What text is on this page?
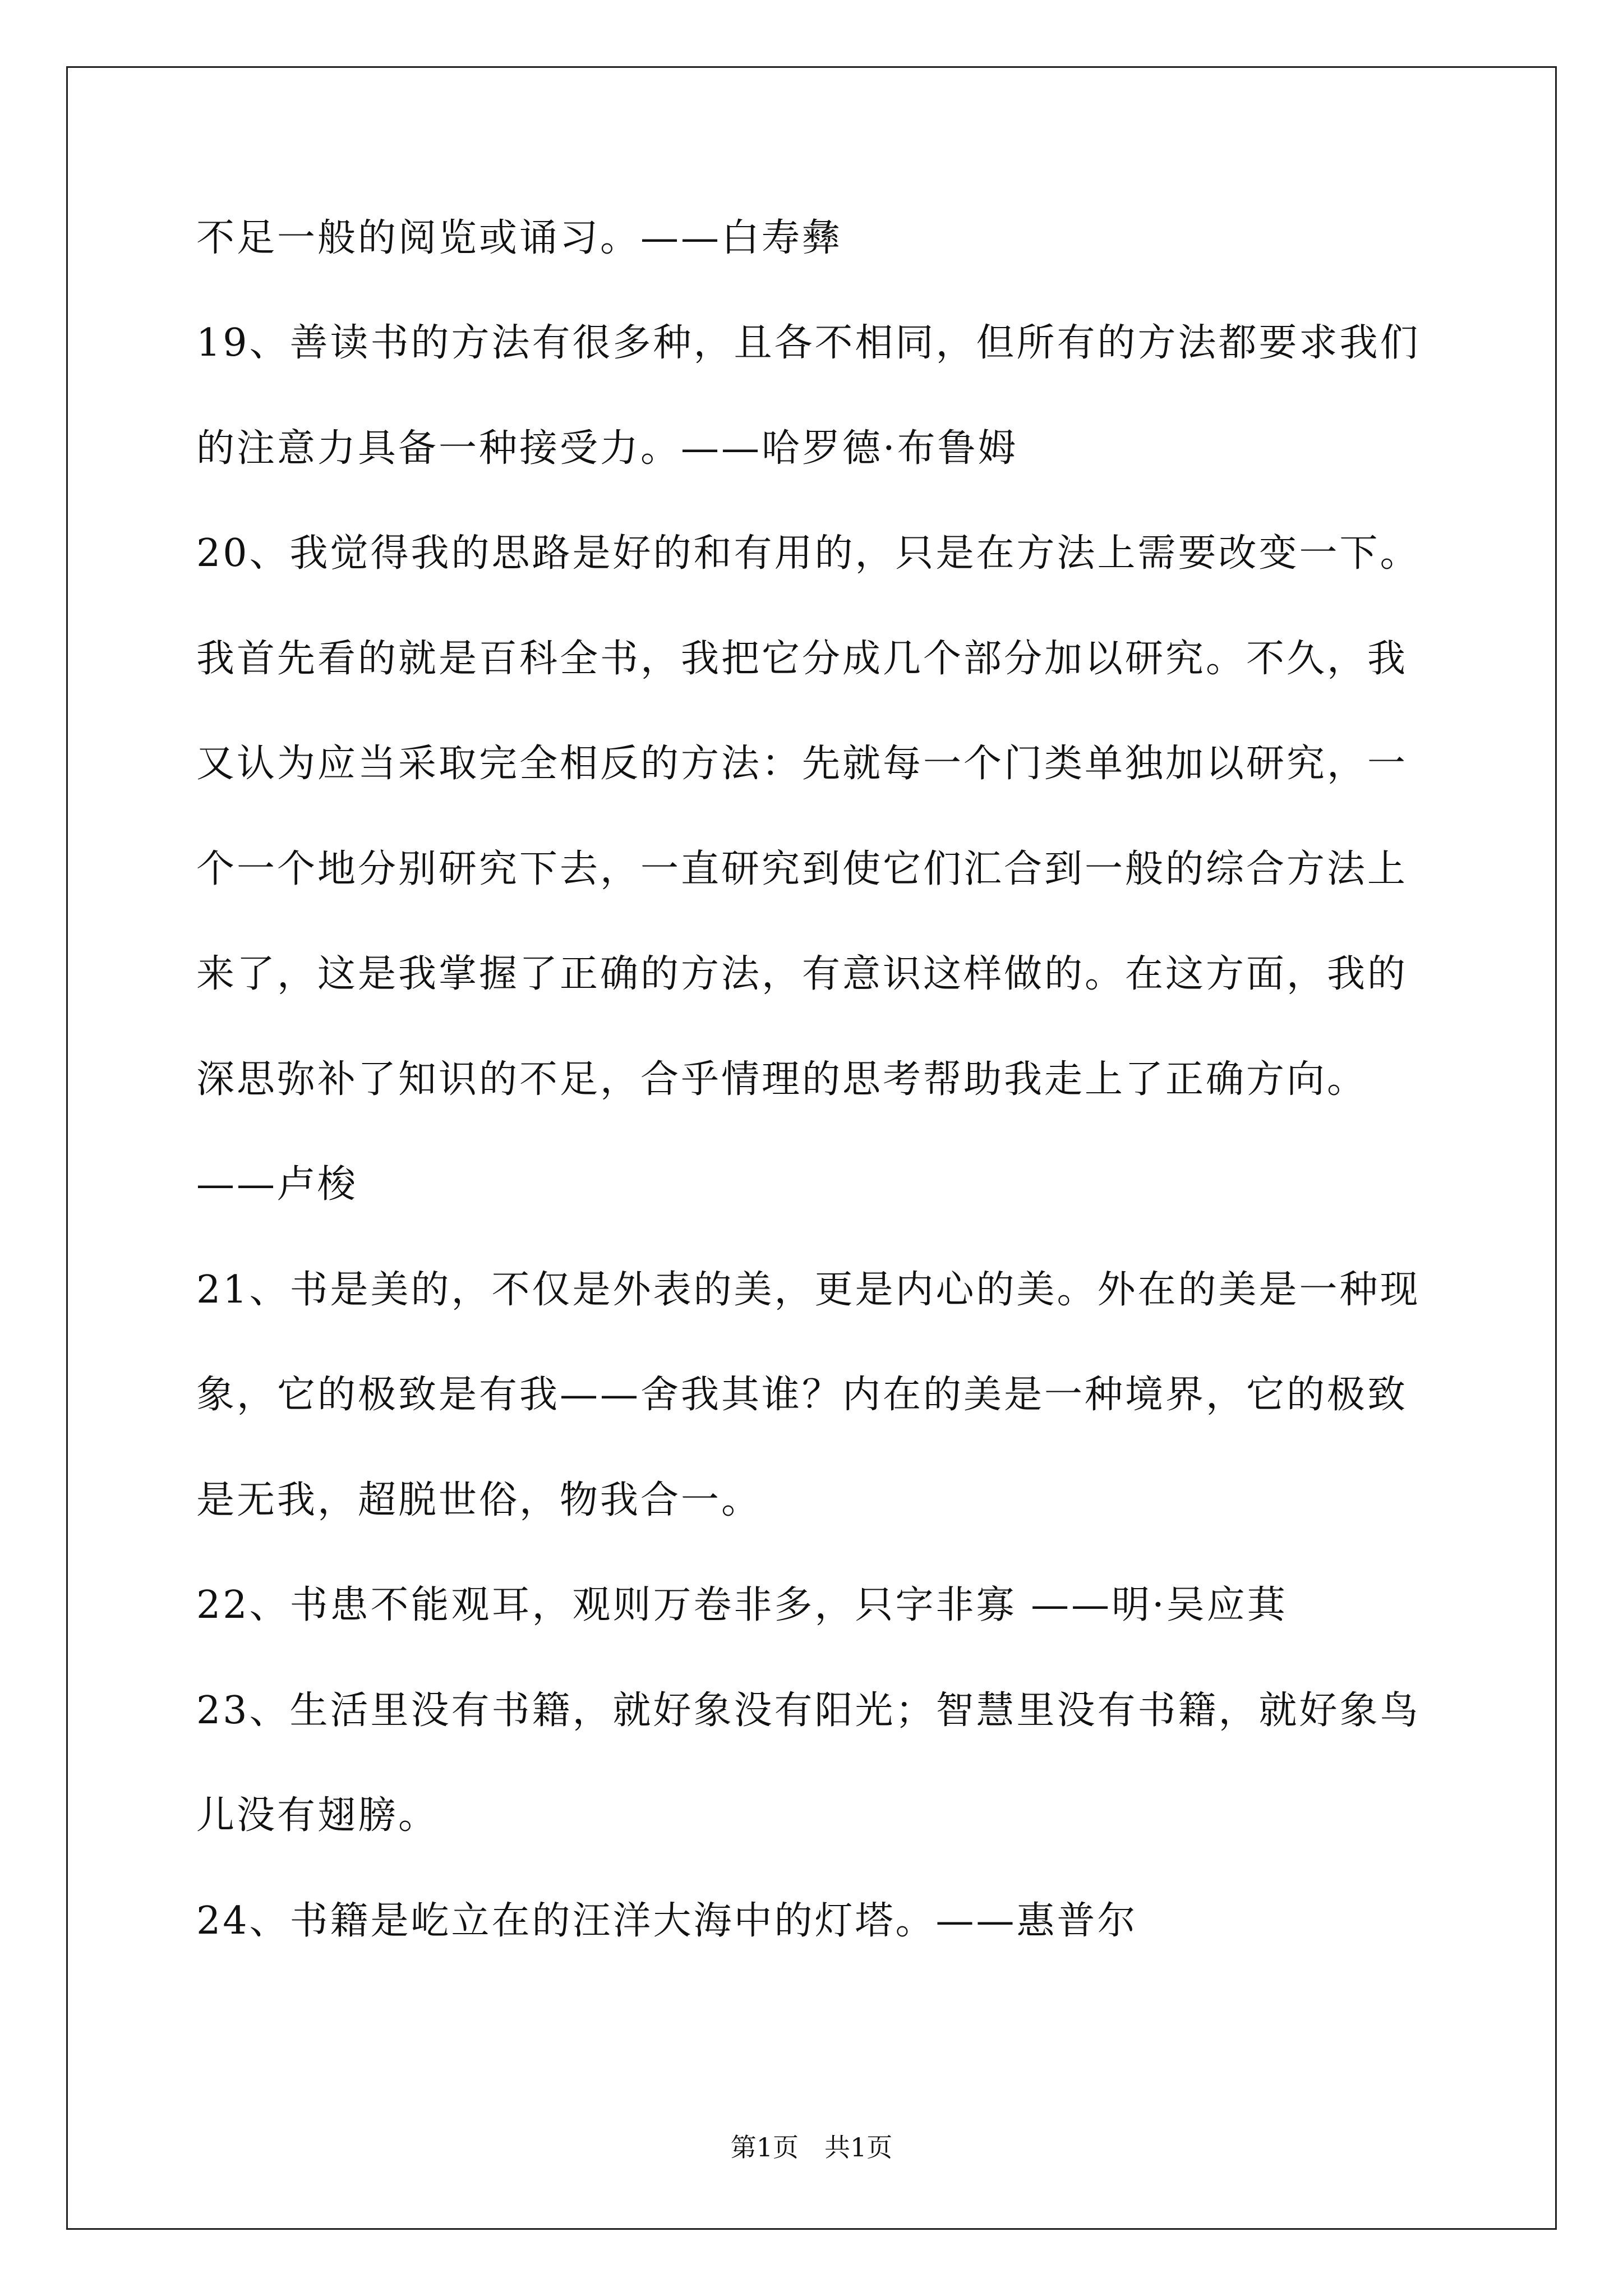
不足一般的阅览或诵习。——白寿彝
19、善读书的方法有很多种，且各不相同，但所有的方法都要求我们
的注意力具备一种接受力。——哈罗德·布鲁姆
20、我觉得我的思路是好的和有用的，只是在方法上需要改变一下。
我首先看的就是百科全书，我把它分成几个部分加以研究。不久，我
又认为应当采取完全相反的方法：先就每一个门类单独加以研究，一
个一个地分别研究下去，一直研究到使它们汇合到一般的综合方法上
来了，这是我掌握了正确的方法，有意识这样做的。在这方面，我的
深思弥补了知识的不足，合乎情理的思考帮助我走上了正确方向。
——卢梭
21、书是美的，不仅是外表的美，更是内心的美。外在的美是一种现
象，它的极致是有我——舍我其谁？内在的美是一种境界，它的极致
是无我，超脱世俗，物我合一。
22、书患不能观耳，观则万卷非多，只字非寡 ——明·吴应萁
23、生活里没有书籍，就好象没有阳光；智慧里没有书籍，就好象鸟
儿没有翅膀。
24、书籍是屹立在的汪洋大海中的灯塔。——惠普尔
第1页　共1页
